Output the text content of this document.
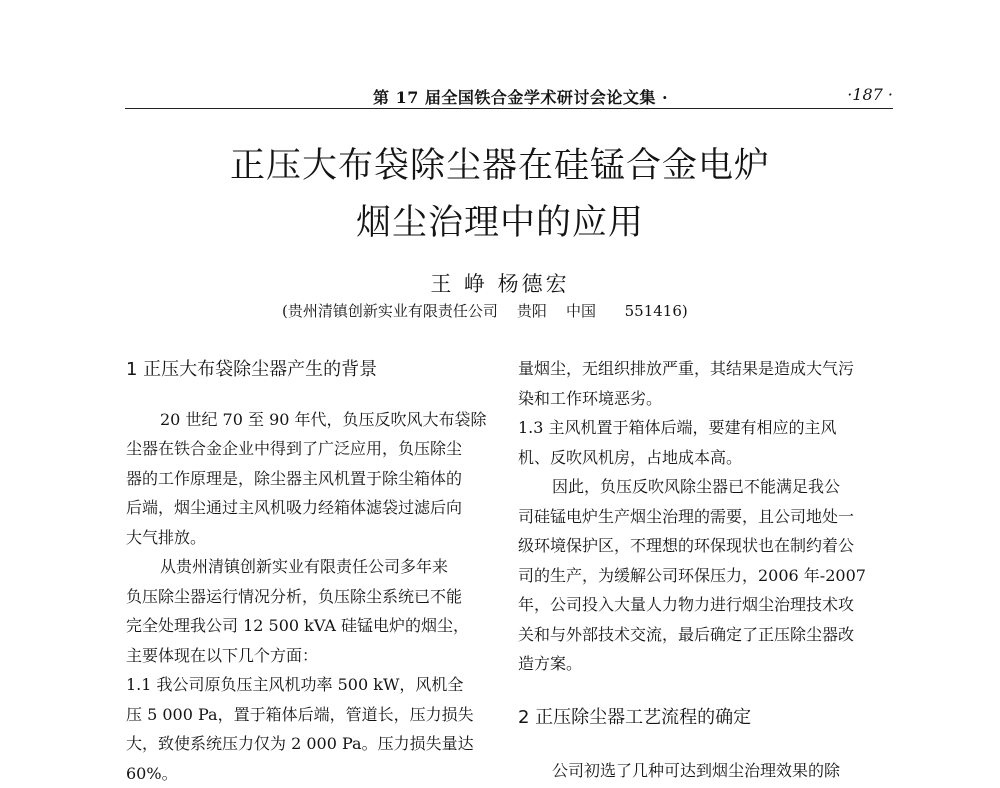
第 17 届全国铁合金学术研讨会论文集 ·	·187 ·
正压大布袋除尘器在硅锰合金电炉
烟尘治理中的应用
王 峥 杨德宏
(贵州清镇创新实业有限责任公司    贵阳    中国      551416)

1 正压大布袋除尘器产生的背景

20 世纪 70 至 90 年代，负压反吹风大布袋除

尘器在铁合金企业中得到了广泛应用，负压除尘

器的工作原理是，除尘器主风机置于除尘箱体的

后端，烟尘通过主风机吸力经箱体滤袋过滤后向

大气排放。

从贵州清镇创新实业有限责任公司多年来

负压除尘器运行情况分析，负压除尘系统已不能

完全处理我公司 12 500 kVA 硅锰电炉的烟尘，

主要体现在以下几个方面：

1.1 我公司原负压主风机功率 500 kW，风机全

压 5 000 Pa，置于箱体后端，管道长，压力损失

大，致使系统压力仅为 2 000 Pa。压力损失量达

60%。

量烟尘，无组织排放严重，其结果是造成大气污

染和工作环境恶劣。

1.3 主风机置于箱体后端，要建有相应的主风

机、反吹风机房，占地成本高。

因此，负压反吹风除尘器已不能满足我公

司硅锰电炉生产烟尘治理的需要，且公司地处一

级环境保护区，不理想的环保现状也在制约着公

司的生产，为缓解公司环保压力，2006 年-2007

年，公司投入大量人力物力进行烟尘治理技术攻

关和与外部技术交流，最后确定了正压除尘器改

造方案。

2 正压除尘器工艺流程的确定

公司初选了几种可达到烟尘治理效果的除
